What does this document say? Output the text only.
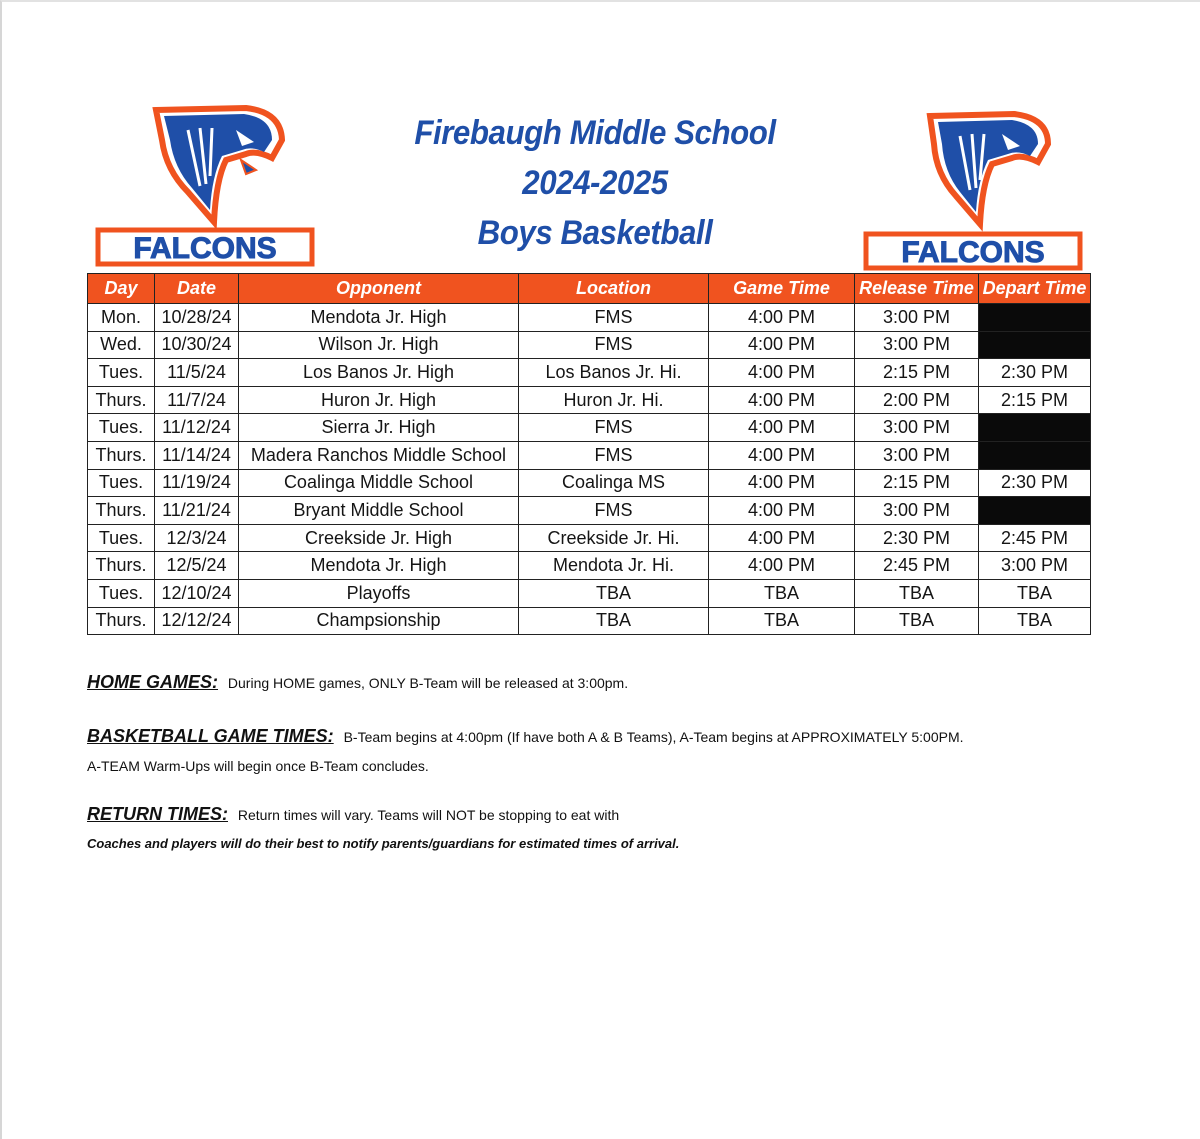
FALCONS	FALCONS
Firebaugh Middle School
2024-2025
Boys Basketball
Day	Date	Opponent	Location	Game Time	Release Time	Depart Time
Mon.	10/28/24	Mendota Jr. High	FMS	4:00 PM	3:00 PM	
Wed.	10/30/24	Wilson Jr. High	FMS	4:00 PM	3:00 PM	
Tues.	11/5/24	Los Banos Jr. High	Los Banos Jr. Hi.	4:00 PM	2:15 PM	2:30 PM
Thurs.	11/7/24	Huron Jr. High	Huron Jr. Hi.	4:00 PM	2:00 PM	2:15 PM
Tues.	11/12/24	Sierra Jr. High	FMS	4:00 PM	3:00 PM	
Thurs.	11/14/24	Madera Ranchos Middle School	FMS	4:00 PM	3:00 PM	
Tues.	11/19/24	Coalinga Middle School	Coalinga MS	4:00 PM	2:15 PM	2:30 PM
Thurs.	11/21/24	Bryant Middle School	FMS	4:00 PM	3:00 PM	
Tues.	12/3/24	Creekside Jr. High	Creekside Jr. Hi.	4:00 PM	2:30 PM	2:45 PM
Thurs.	12/5/24	Mendota Jr. High	Mendota Jr. Hi.	4:00 PM	2:45 PM	3:00 PM
Tues.	12/10/24	Playoffs	TBA	TBA	TBA	TBA
Thurs.	12/12/24	Champsionship	TBA	TBA	TBA	TBA
HOME GAMES: During HOME games, ONLY B-Team will be released at 3:00pm.
BASKETBALL GAME TIMES: B-Team begins at 4:00pm (If have both A & B Teams), A-Team begins at APPROXIMATELY 5:00PM.
A-TEAM Warm-Ups will begin once B-Team concludes.
RETURN TIMES: Return times will vary. Teams will NOT be stopping to eat with
Coaches and players will do their best to notify parents/guardians for estimated times of arrival.
